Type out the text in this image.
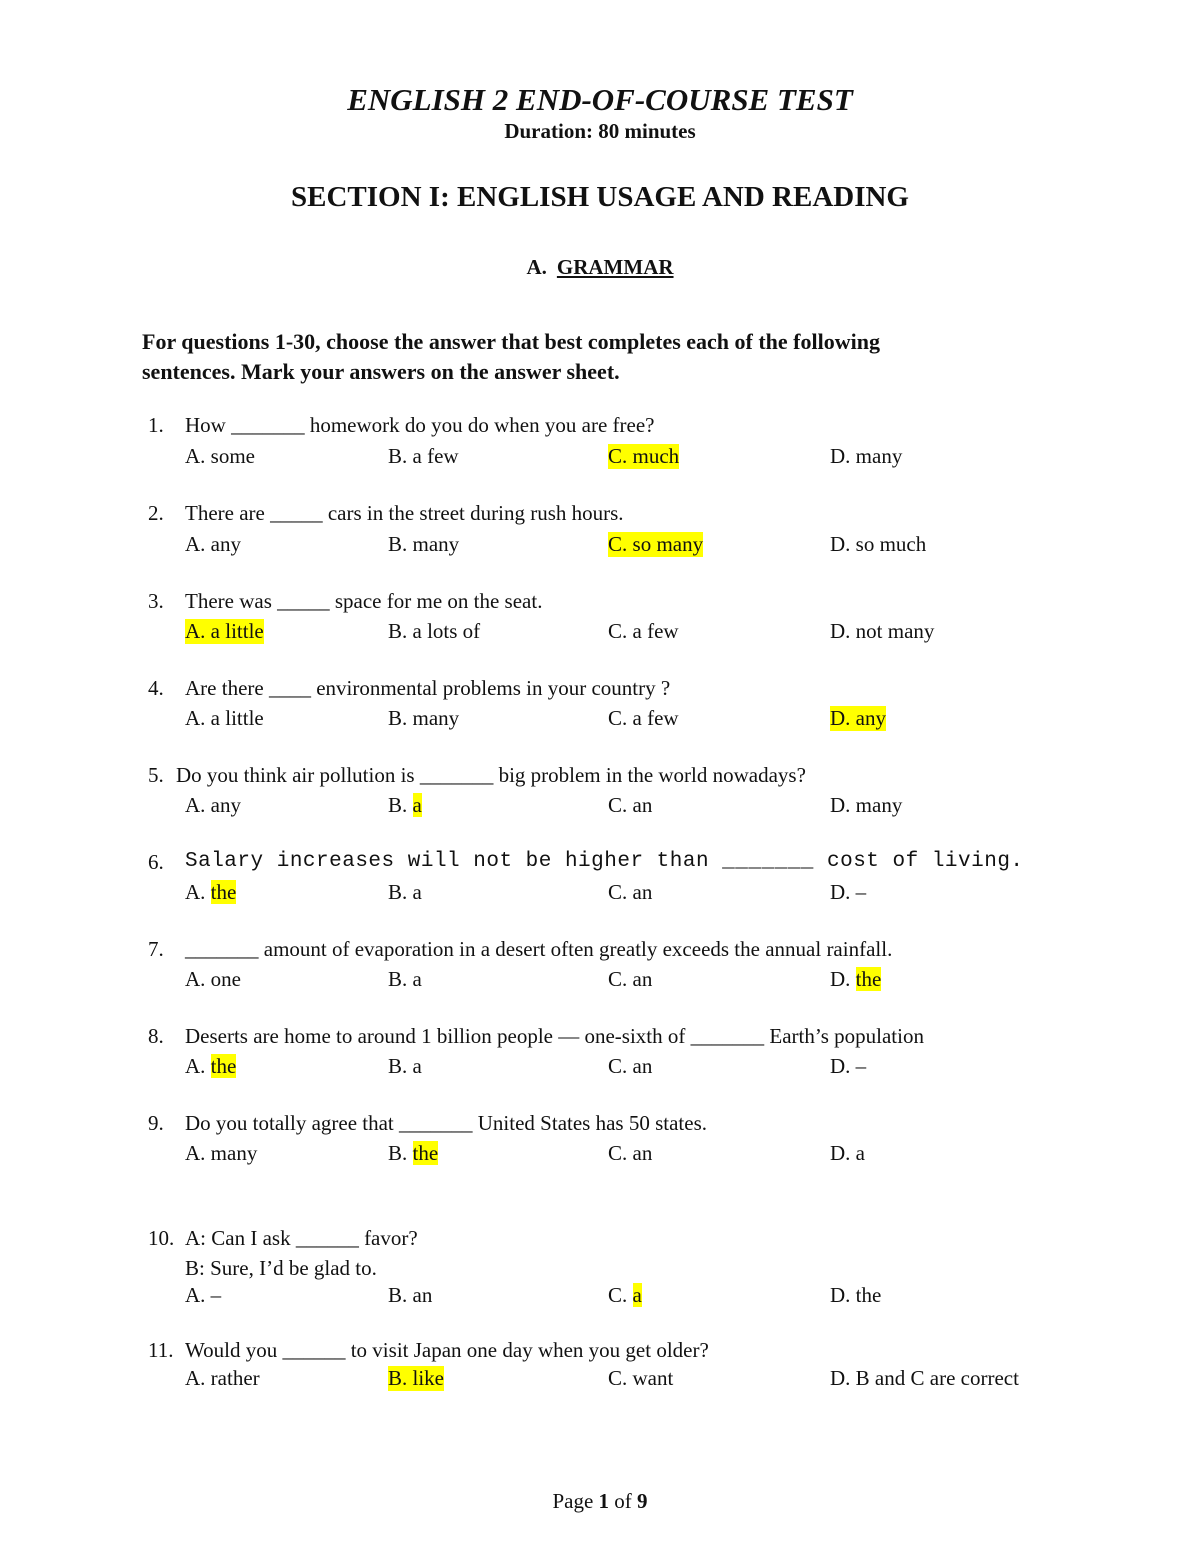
ENGLISH 2 END-OF-COURSE TEST
Duration: 80 minutes
SECTION I: ENGLISH USAGE AND READING
A. GRAMMAR
For questions 1-30, choose the answer that best completes each of the following
sentences. Mark your answers on the answer sheet.
1. How _______ homework do you do when you are free?
A. some	B. a few	C. much	D. many
2. There are _____ cars in the street during rush hours.
A. any	B. many	C. so many	D. so much
3. There was _____ space for me on the seat.
A. a little	B. a lots of	C. a few	D. not many
4. Are there ____ environmental problems in your country ?
A. a little	B. many	C. a few	D. any
5. Do you think air pollution is _______ big problem in the world nowadays?
A. any	B. a	C. an	D. many
6. Salary increases will not be higher than _______ cost of living.
A. the	B. a	C. an	D. –
7. _______ amount of evaporation in a desert often greatly exceeds the annual rainfall.
A. one	B. a	C. an	D. the
8. Deserts are home to around 1 billion people — one-sixth of _______ Earth’s population
A. the	B. a	C. an	D. –
9. Do you totally agree that _______ United States has 50 states.
A. many	B. the	C. an	D. a
10. A: Can I ask ______ favor?
B: Sure, I’d be glad to.
A. –	B. an	C. a	D. the
11. Would you ______ to visit Japan one day when you get older?
A. rather	B. like	C. want	D. B and C are correct
Page 1 of 9
